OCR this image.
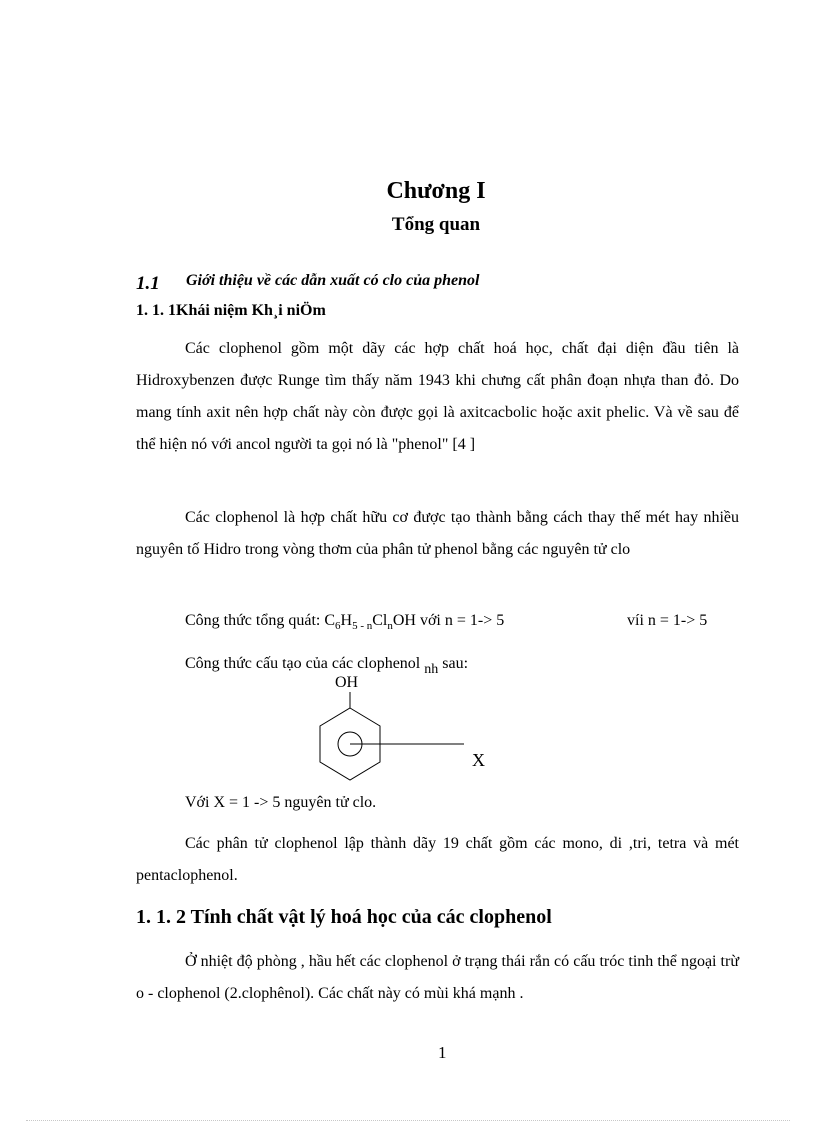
Chương I
Tổng quan
1.1 Giới thiệu về các dẫn xuất có clo của phenol
1. 1. 1Khái niệm Kh¸i niÖm
Các clophenol gồm một dãy các hợp chất hoá học, chất đại diện đầu tiên là Hidroxybenzen được Runge tìm thấy năm 1943 khi chưng cất phân đoạn nhựa than đỏ. Do mang tính axit nên hợp chất này còn được gọi là axitcacbolic hoặc axit phelic. Và về sau để thể hiện nó với ancol người ta gọi nó là "phenol" [4 ]
Các clophenol là hợp chất hữu cơ được tạo thành bằng cách thay thế mét hay nhiều nguyên tố Hidro trong vòng thơm của phân tử phenol bằng các nguyên tử clo
Công thức tổng quát: $C_6H_{5 - n}Cl_nOH$ với n = 1-> 5	víi n = 1-> 5
Công thức cấu tạo của các clophenol nh sau:
OH
X
Với X = 1 -> 5 nguyên tử clo.
Các phân tử clophenol lập thành dãy 19 chất gồm các mono, di ,tri, tetra và mét pentaclophenol.
1. 1. 2 Tính chất vật lý hoá học của các clophenol
Ở nhiệt độ phòng , hầu hết các clophenol ở trạng thái rắn có cấu tróc tinh thể ngoại trừ o - clophenol (2.clophênol). Các chất này có mùi khá mạnh .
1
